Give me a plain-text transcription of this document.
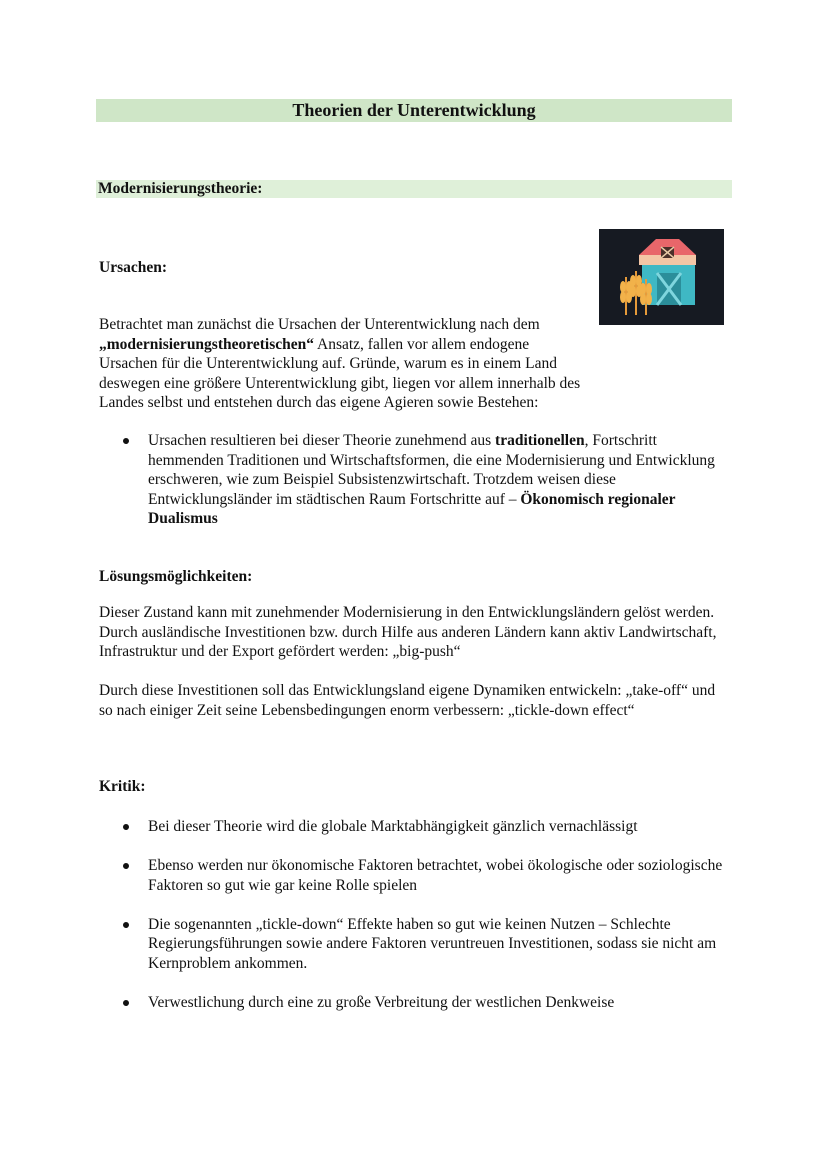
Theorien der Unterentwicklung
Modernisierungstheorie:
Ursachen:
Betrachtet man zunächst die Ursachen der Unterentwicklung nach dem „modernisierungstheoretischen“ Ansatz, fallen vor allem endogene Ursachen für die Unterentwicklung auf. Gründe, warum es in einem Land deswegen eine größere Unterentwicklung gibt, liegen vor allem innerhalb des Landes selbst und entstehen durch das eigene Agieren sowie Bestehen:
Ursachen resultieren bei dieser Theorie zunehmend aus traditionellen, Fortschritt hemmenden Traditionen und Wirtschaftsformen, die eine Modernisierung und Entwicklung erschweren, wie zum Beispiel Subsistenzwirtschaft. Trotzdem weisen diese Entwicklungsländer im städtischen Raum Fortschritte auf – Ökonomisch regionaler Dualismus
Lösungsmöglichkeiten:
Dieser Zustand kann mit zunehmender Modernisierung in den Entwicklungsländern gelöst werden. Durch ausländische Investitionen bzw. durch Hilfe aus anderen Ländern kann aktiv Landwirtschaft, Infrastruktur und der Export gefördert werden: „big-push“
Durch diese Investitionen soll das Entwicklungsland eigene Dynamiken entwickeln: „take-off“ und so nach einiger Zeit seine Lebensbedingungen enorm verbessern: „tickle-down effect“
Kritik:
Bei dieser Theorie wird die globale Marktabhängigkeit gänzlich vernachlässigt
Ebenso werden nur ökonomische Faktoren betrachtet, wobei ökologische oder soziologische Faktoren so gut wie gar keine Rolle spielen
Die sogenannten „tickle-down“ Effekte haben so gut wie keinen Nutzen – Schlechte Regierungsführungen sowie andere Faktoren veruntreuen Investitionen, sodass sie nicht am Kernproblem ankommen.
Verwestlichung durch eine zu große Verbreitung der westlichen Denkweise
